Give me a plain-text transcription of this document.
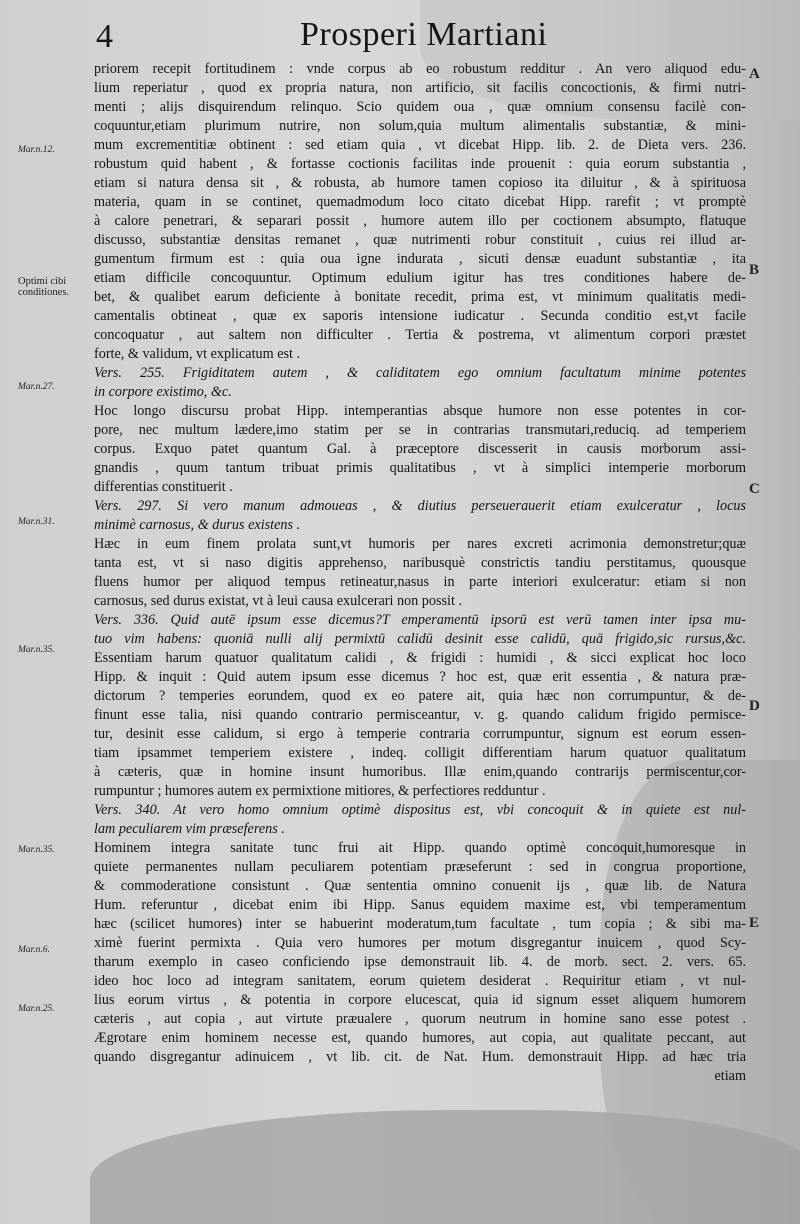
4	Prosperi Martiani
priorem recepit fortitudinem : vnde corpus ab eo robustum redditur . An vero aliquod edu-
lium reperiatur , quod ex propria natura, non artificio, sit facilis concoctionis, & firmi nutri-
menti ; alijs disquirendum relinquo. Scio quidem oua , quæ omnium consensu facilè con-
coquuntur,etiam plurimum nutrire, non solum,quia multum alimentalis substantiæ, & mini-
mum excrementitiæ obtinent : sed etiam quia , vt dicebat Hipp. lib. 2. de Dieta vers. 236.
robustum quid habent , & fortasse coctionis facilitas inde prouenit : quia eorum substantia ,
etiam si natura densa sit , & robusta, ab humore tamen copioso ita diluitur , & à spirituosa
materia, quam in se continet, quemadmodum loco citato dicebat Hipp. rarefit ; vt promptè
à calore penetrari, & separari possit , humore autem illo per coctionem absumpto, flatuque
discusso, substantiæ densitas remanet , quæ nutrimenti robur constituit , cuius rei illud ar-
gumentum firmum est : quia oua igne indurata , sicuti densæ euadunt substantiæ , ita
etiam difficile concoquuntur. Optimum edulium igitur has tres conditiones habere de-
bet, & qualibet earum deficiente à bonitate recedit, prima est, vt minimum qualitatis medi-
camentalis obtineat , quæ ex saporis intensione iudicatur . Secunda conditio est,vt facile
concoquatur , aut saltem non difficulter . Tertia & postrema, vt alimentum corpori præstet
forte, & validum, vt explicatum est .
Vers. 255. Frigiditatem autem , & caliditatem ego omnium facultatum minime potentes
in corpore existimo, &c.
Hoc longo discursu probat Hipp. intemperantias absque humore non esse potentes in cor-
pore, nec multum lædere,imo statim per se in contrarias transmutari,reduciq. ad temperiem
corpus. Exquo patet quantum Gal. à præceptore discesserit in causis morborum assi-
gnandis , quum tantum tribuat primis qualitatibus , vt à simplici intemperie morborum
differentias constituerit .
Vers. 297. Si vero manum admoueas , & diutius perseuerauerit etiam exulceratur , locus
minimè carnosus, & durus existens .
Hæc in eum finem prolata sunt,vt humoris per nares excreti acrimonia demonstretur;quæ
tanta est, vt si naso digitis apprehenso, naribusquè constrictis tandiu perstitamus, quousque
fluens humor per aliquod tempus retineatur,nasus in parte interiori exulceratur: etiam si non
carnosus, sed durus existat, vt à leui causa exulcerari non possit .
Vers. 336. Quid autē ipsum esse dicemus?T emperamentū ipsorū est verū tamen inter ipsa mu-
tuo vim habens: quoniā nulli alij permixtū calidū desinit esse calidū, quā frigido,sic rursus,&c.
Essentiam harum quatuor qualitatum calidi , & frigidi : humidi , & sicci explicat hoc loco
Hipp. & inquit : Quid autem ipsum esse dicemus ? hoc est, quæ erit essentia , & natura præ-
dictorum ? temperies eorundem, quod ex eo patere ait, quia hæc non corrumpuntur, & de-
finunt esse talia, nisi quando contrario permisceantur, v. g. quando calidum frigido permisce-
tur, desinit esse calidum, si ergo à temperie contraria corrumpuntur, signum est eorum essen-
tiam ipsammet temperiem existere , indeq. colligit differentiam harum quatuor qualitatum
à cæteris, quæ in homine insunt humoribus. Illæ enim,quando contrarijs permiscentur,cor-
rumpuntur ; humores autem ex permixtione mitiores, & perfectiores redduntur .
Vers. 340. At vero homo omnium optimè dispositus est, vbi concoquit & in quiete est nul-
lam peculiarem vim præseferens .
Hominem integra sanitate tunc frui ait Hipp. quando optimè concoquit,humoresque in
quiete permanentes nullam peculiarem potentiam præseferunt : sed in congrua proportione,
& commoderatione consistunt . Quæ sententia omnino conuenit ijs , quæ lib. de Natura
Hum. referuntur , dicebat enim ibi Hipp. Sanus equidem maxime est, vbi temperamentum
hæc (scilicet humores) inter se habuerint moderatum,tum facultate , tum copia ; & sibi ma-
ximè fuerint permixta . Quia vero humores per motum disgregantur inuicem , quod Scy-
tharum exemplo in caseo conficiendo ipse demonstrauit lib. 4. de morb. sect. 2. vers. 65.
ideo hoc loco ad integram sanitatem, eorum quietem desiderat . Requiritur etiam , vt nul-
lius eorum virtus , & potentia in corpore elucescat, quia id signum esset aliquem humorem
cæteris , aut copia , aut virtute præualere , quorum neutrum in homine sano esse potest .
Ægrotare enim hominem necesse est, quando humores, aut copia, aut qualitate peccant, aut
quando disgregantur adinuicem , vt lib. cit. de Nat. Hum. demonstrauit Hipp. ad hæc tria
etiam
Mar.n.12.
Optimi cibi conditiones.
Mar.n.27.
Mar.n.31.
Mar.n.35.
Mar.n.35.
Mar.n.6.
Mar.n.25.
A
B
C
D
E
